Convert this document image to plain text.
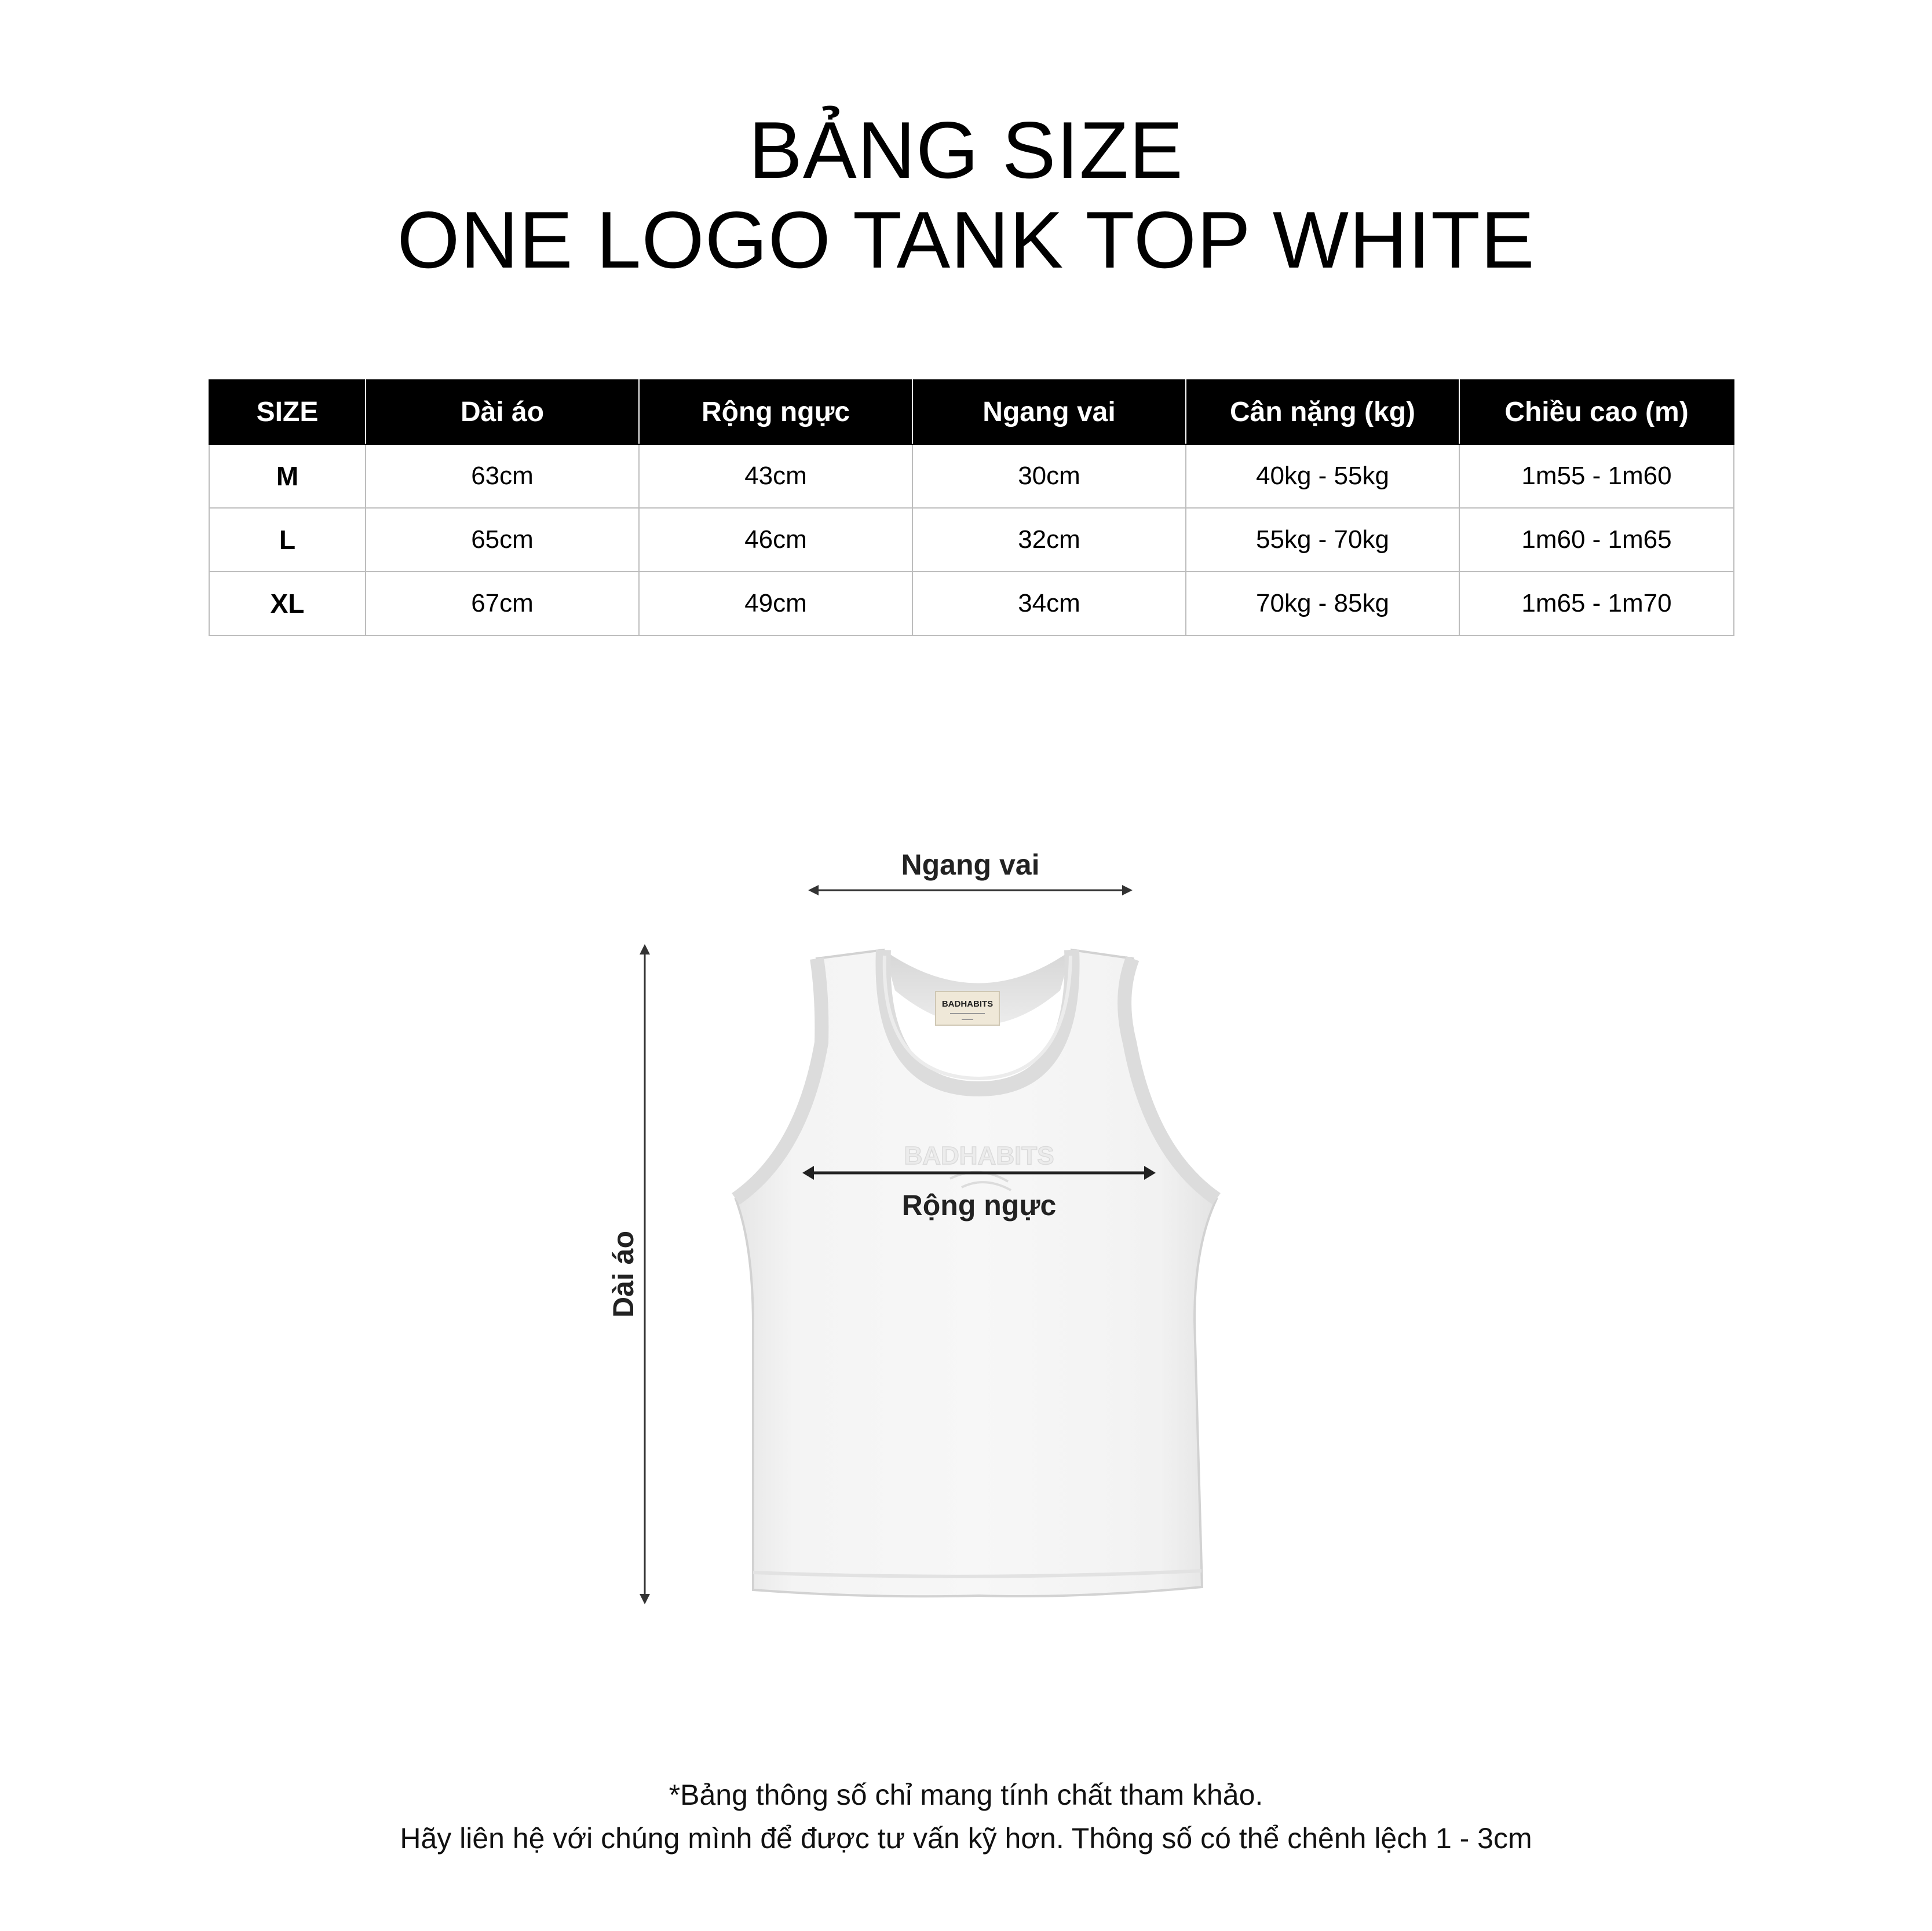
BẢNG SIZE
ONE LOGO TANK TOP WHITE
SIZE	Dài áo	Rộng ngực	Ngang vai	Cân nặng (kg)	Chiều cao (m)
M	63cm	43cm	30cm	40kg - 55kg	1m55 - 1m60
L	65cm	46cm	32cm	55kg - 70kg	1m60 - 1m65
XL	67cm	49cm	34cm	70kg - 85kg	1m65 - 1m70
BADHABITS
BADHABITS
Ngang vai
Rộng ngực
Dài áo
*Bảng thông số chỉ mang tính chất tham khảo.
Hãy liên hệ với chúng mình để được tư vấn kỹ hơn. Thông số có thể chênh lệch 1 - 3cm
